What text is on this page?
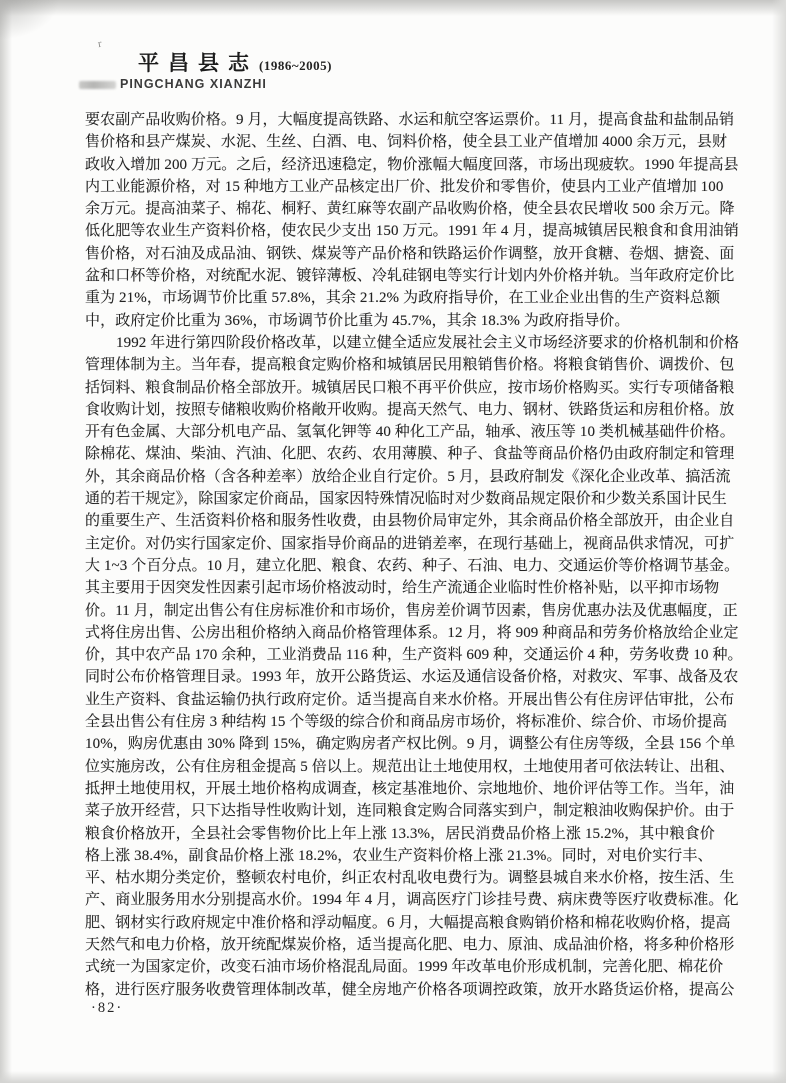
r
平昌县志(1986~2005)
PINGCHANG XIANZHI
要农副产品收购价格。9 月，大幅度提高铁路、水运和航空客运票价。11 月，提高食盐和盐制品销
售价格和县产煤炭、水泥、生丝、白酒、电、饲料价格，使全县工业产值增加 4000 余万元，县财
政收入增加 200 万元。之后，经济迅速稳定，物价涨幅大幅度回落，市场出现疲软。1990 年提高县
内工业能源价格，对 15 种地方工业产品核定出厂价、批发价和零售价，使县内工业产值增加 100
余万元。提高油菜子、棉花、桐籽、黄红麻等农副产品收购价格，使全县农民增收 500 余万元。降
低化肥等农业生产资料价格，使农民少支出 150 万元。1991 年 4 月，提高城镇居民粮食和食用油销
售价格，对石油及成品油、钢铁、煤炭等产品价格和铁路运价作调整，放开食糖、卷烟、搪瓷、面
盆和口杯等价格，对统配水泥、镀锌薄板、冷轧硅钢电等实行计划内外价格并轨。当年政府定价比
重为 21%，市场调节价比重 57.8%，其余 21.2% 为政府指导价，在工业企业出售的生产资料总额
中，政府定价比重为 36%，市场调节价比重为 45.7%，其余 18.3% 为政府指导价。
1992 年进行第四阶段价格改革，以建立健全适应发展社会主义市场经济要求的价格机制和价格
管理体制为主。当年春，提高粮食定购价格和城镇居民用粮销售价格。将粮食销售价、调拨价、包
括饲料、粮食制品价格全部放开。城镇居民口粮不再平价供应，按市场价格购买。实行专项储备粮
食收购计划，按照专储粮收购价格敞开收购。提高天然气、电力、钢材、铁路货运和房租价格。放
开有色金属、大部分机电产品、氢氧化钾等 40 种化工产品，轴承、液压等 10 类机械基础件价格。
除棉花、煤油、柴油、汽油、化肥、农药、农用薄膜、种子、食盐等商品价格仍由政府制定和管理
外，其余商品价格（含各种差率）放给企业自行定价。5 月，县政府制发《深化企业改革、搞活流
通的若干规定》，除国家定价商品，国家因特殊情况临时对少数商品规定限价和少数关系国计民生
的重要生产、生活资料价格和服务性收费，由县物价局审定外，其余商品价格全部放开，由企业自
主定价。对仍实行国家定价、国家指导价商品的进销差率，在现行基础上，视商品供求情况，可扩
大 1~3 个百分点。10 月，建立化肥、粮食、农药、种子、石油、电力、交通运价等价格调节基金。
其主要用于因突发性因素引起市场价格波动时，给生产流通企业临时性价格补贴，以平抑市场物
价。11 月，制定出售公有住房标准价和市场价，售房差价调节因素，售房优惠办法及优惠幅度，正
式将住房出售、公房出租价格纳入商品价格管理体系。12 月，将 909 种商品和劳务价格放给企业定
价，其中农产品 170 余种，工业消费品 116 种，生产资料 609 种，交通运价 4 种，劳务收费 10 种。
同时公布价格管理目录。1993 年，放开公路货运、水运及通信设备价格，对救灾、军事、战备及农
业生产资料、食盐运输仍执行政府定价。适当提高自来水价格。开展出售公有住房评估审批，公布
全县出售公有住房 3 种结构 15 个等级的综合价和商品房市场价，将标准价、综合价、市场价提高
10%，购房优惠由 30% 降到 15%，确定购房者产权比例。9 月，调整公有住房等级，全县 156 个单
位实施房改，公有住房租金提高 5 倍以上。规范出让土地使用权，土地使用者可依法转让、出租、
抵押土地使用权，开展土地价格构成调查，核定基准地价、宗地地价、地价评估等工作。当年，油
菜子放开经营，只下达指导性收购计划，连同粮食定购合同落实到户，制定粮油收购保护价。由于
粮食价格放开，全县社会零售物价比上年上涨 13.3%，居民消费品价格上涨 15.2%，其中粮食价
格上涨 38.4%，副食品价格上涨 18.2%，农业生产资料价格上涨 21.3%。同时，对电价实行丰、
平、枯水期分类定价，整顿农村电价，纠正农村乱收电费行为。调整县城自来水价格，按生活、生
产、商业服务用水分别提高水价。1994 年 4 月，调高医疗门诊挂号费、病床费等医疗收费标准。化
肥、钢材实行政府规定中准价格和浮动幅度。6 月，大幅提高粮食购销价格和棉花收购价格，提高
天然气和电力价格，放开统配煤炭价格，适当提高化肥、电力、原油、成品油价格，将多种价格形
式统一为国家定价，改变石油市场价格混乱局面。1999 年改革电价形成机制，完善化肥、棉花价
格，进行医疗服务收费管理体制改革，健全房地产价格各项调控政策，放开水路货运价格，提高公
·82·
